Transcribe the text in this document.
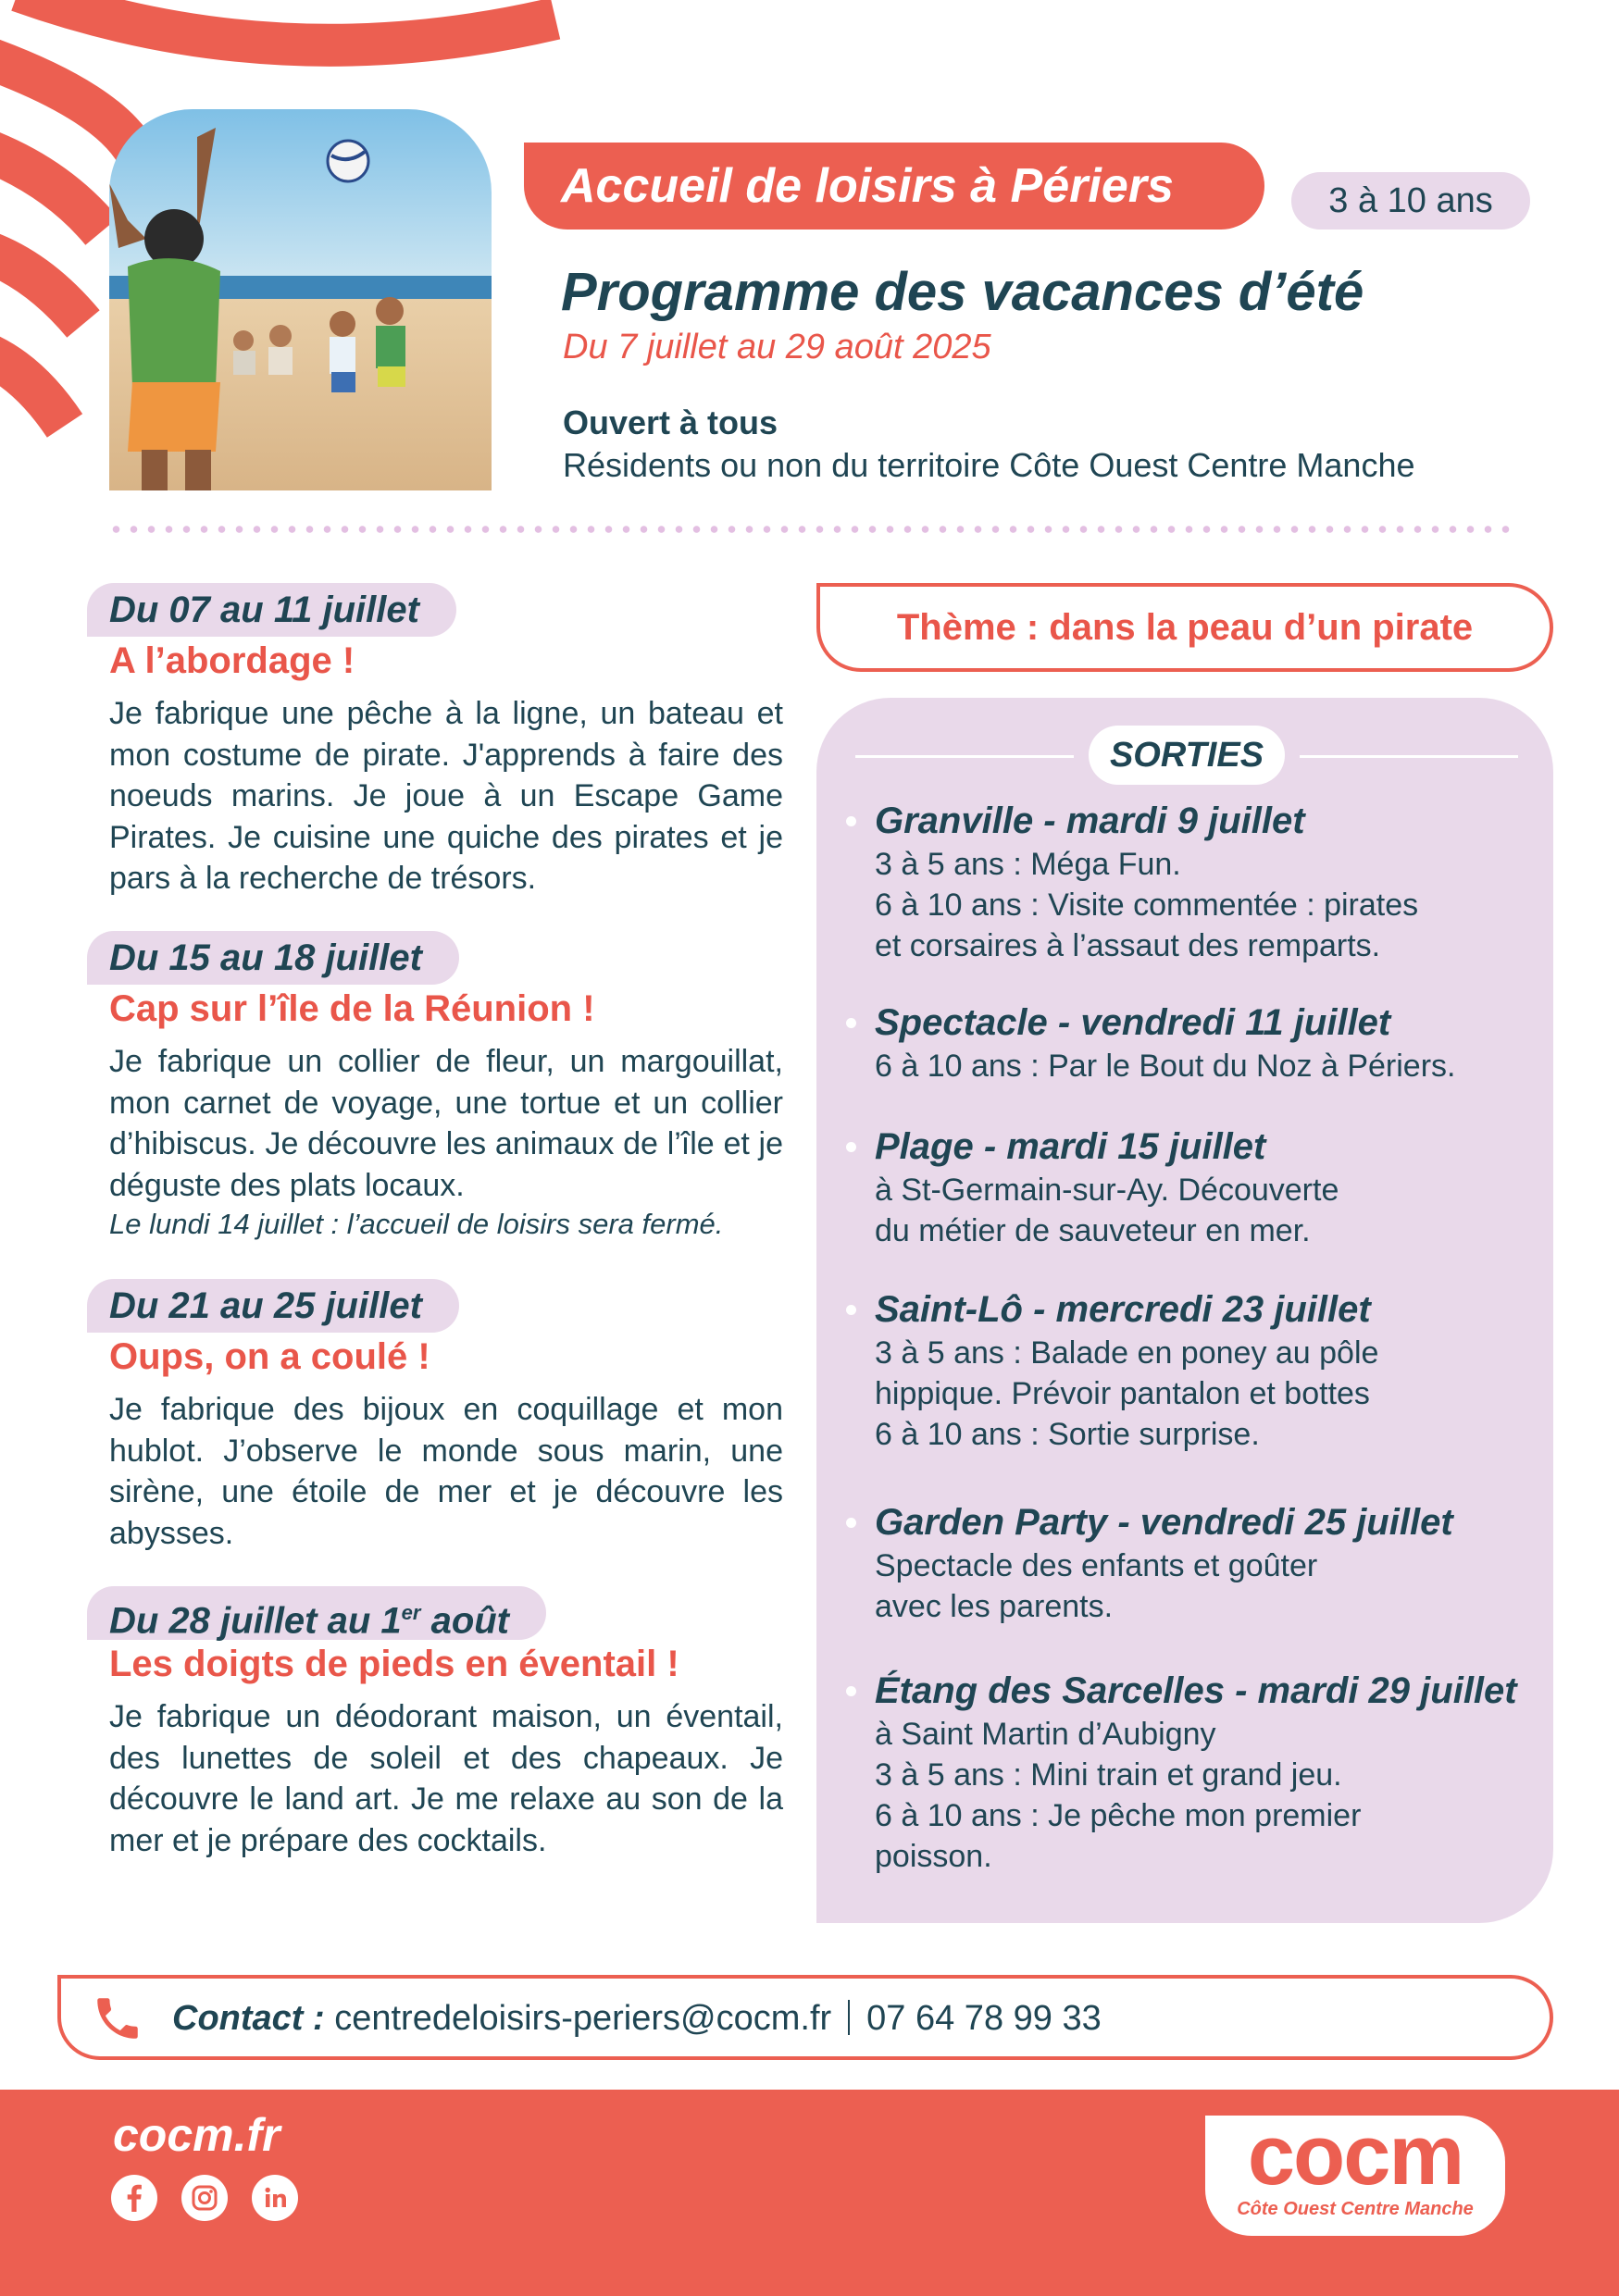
Accueil de loisirs à Périers	3 à 10 ans
Programme des vacances d’été
Du 7 juillet au 29 août 2025
Ouvert à tous
Résidents ou non du territoire Côte Ouest Centre Manche
Du 07 au 11 juillet
A l’abordage !
Je fabrique une pêche à la ligne, un bateau et mon costume de pirate. J'apprends à faire des noeuds marins. Je joue à un Escape Game Pirates. Je cuisine une quiche des pirates et je pars à la recherche de trésors.
Du 15 au 18 juillet
Cap sur l’île de la Réunion !
Je fabrique un collier de fleur, un margouillat, mon carnet de voyage, une tortue et un collier d’hibiscus. Je découvre les animaux de l’île et je déguste des plats locaux.
Le lundi 14 juillet : l’accueil de loisirs sera fermé.
Du 21 au 25 juillet
Oups, on a coulé !
Je fabrique des bijoux en coquillage et mon hublot. J’observe le monde sous marin, une sirène, une étoile de mer et je découvre les abysses.
Du 28 juillet au 1er août
Les doigts de pieds en éventail !
Je fabrique un déodorant maison, un éventail, des lunettes de soleil et des chapeaux. Je découvre le land art. Je me relaxe au son de la mer et je prépare des cocktails.
Thème : dans la peau d’un pirate
SORTIES
Granville - mardi 9 juillet
3 à 5 ans : Méga Fun.
6 à 10 ans : Visite commentée : pirates
et corsaires à l’assaut des remparts.
Spectacle - vendredi 11 juillet
6 à 10 ans : Par le Bout du Noz à Périers.
Plage - mardi 15 juillet
à St-Germain-sur-Ay. Découverte
du métier de sauveteur en mer.
Saint-Lô - mercredi 23 juillet
3 à 5 ans : Balade en poney au pôle
hippique. Prévoir pantalon et bottes
6 à 10 ans : Sortie surprise.
Garden Party - vendredi 25 juillet
Spectacle des enfants et goûter
avec les parents.
Étang des Sarcelles - mardi 29 juillet
à Saint Martin d’Aubigny
3 à 5 ans : Mini train et grand jeu.
6 à 10 ans : Je pêche mon premier
poisson.
Contact : centredeloisirs-periers@cocm.fr 07 64 78 99 33
cocm.fr	cocm
Côte Ouest Centre Manche
